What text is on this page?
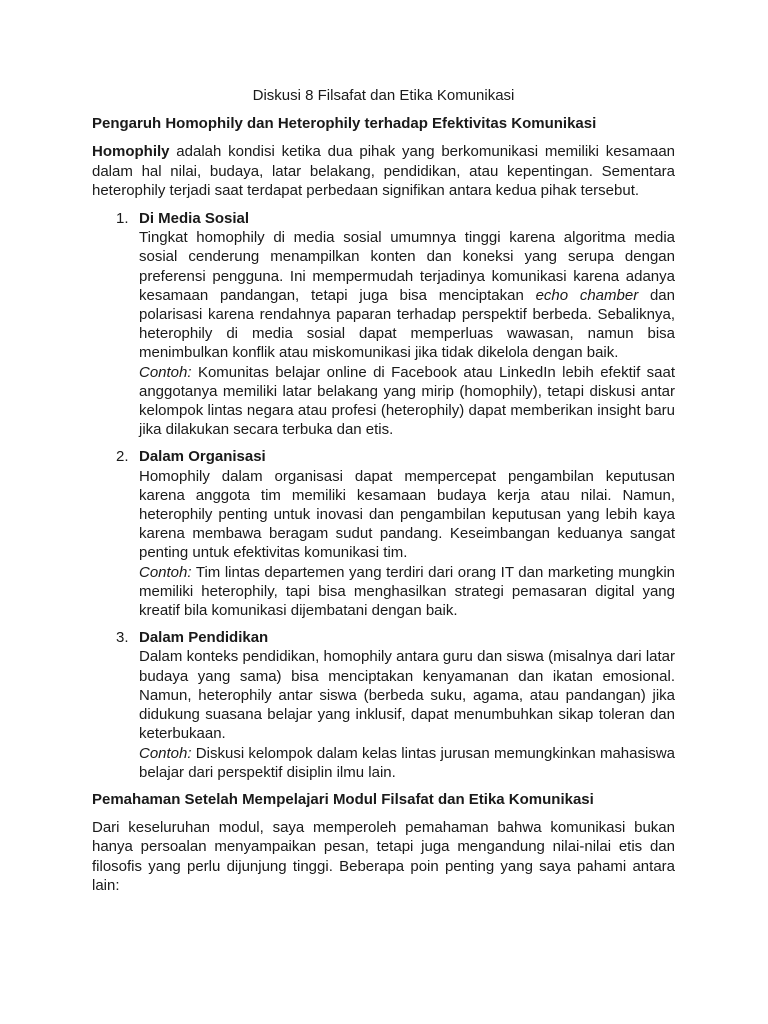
Diskusi 8 Filsafat dan Etika Komunikasi
Pengaruh Homophily dan Heterophily terhadap Efektivitas Komunikasi

Homophily adalah kondisi ketika dua pihak yang berkomunikasi memiliki kesamaan dalam hal nilai, budaya, latar belakang, pendidikan, atau kepentingan. Sementara heterophily terjadi saat terdapat perbedaan signifikan antara kedua pihak tersebut.

1. Di Media Sosial
Tingkat homophily di media sosial umumnya tinggi karena algoritma media sosial cenderung menampilkan konten dan koneksi yang serupa dengan preferensi pengguna. Ini mempermudah terjadinya komunikasi karena adanya kesamaan pandangan, tetapi juga bisa menciptakan echo chamber dan polarisasi karena rendahnya paparan terhadap perspektif berbeda. Sebaliknya, heterophily di media sosial dapat memperluas wawasan, namun bisa menimbulkan konflik atau miskomunikasi jika tidak dikelola dengan baik.
Contoh: Komunitas belajar online di Facebook atau LinkedIn lebih efektif saat anggotanya memiliki latar belakang yang mirip (homophily), tetapi diskusi antar kelompok lintas negara atau profesi (heterophily) dapat memberikan insight baru jika dilakukan secara terbuka dan etis.
2. Dalam Organisasi
Homophily dalam organisasi dapat mempercepat pengambilan keputusan karena anggota tim memiliki kesamaan budaya kerja atau nilai. Namun, heterophily penting untuk inovasi dan pengambilan keputusan yang lebih kaya karena membawa beragam sudut pandang. Keseimbangan keduanya sangat penting untuk efektivitas komunikasi tim.
Contoh: Tim lintas departemen yang terdiri dari orang IT dan marketing mungkin memiliki heterophily, tapi bisa menghasilkan strategi pemasaran digital yang kreatif bila komunikasi dijembatani dengan baik.
3. Dalam Pendidikan
Dalam konteks pendidikan, homophily antara guru dan siswa (misalnya dari latar budaya yang sama) bisa menciptakan kenyamanan dan ikatan emosional. Namun, heterophily antar siswa (berbeda suku, agama, atau pandangan) jika didukung suasana belajar yang inklusif, dapat menumbuhkan sikap toleran dan keterbukaan.
Contoh: Diskusi kelompok dalam kelas lintas jurusan memungkinkan mahasiswa belajar dari perspektif disiplin ilmu lain.
Pemahaman Setelah Mempelajari Modul Filsafat dan Etika Komunikasi

Dari keseluruhan modul, saya memperoleh pemahaman bahwa komunikasi bukan hanya persoalan menyampaikan pesan, tetapi juga mengandung nilai-nilai etis dan filosofis yang perlu dijunjung tinggi. Beberapa poin penting yang saya pahami antara lain:
